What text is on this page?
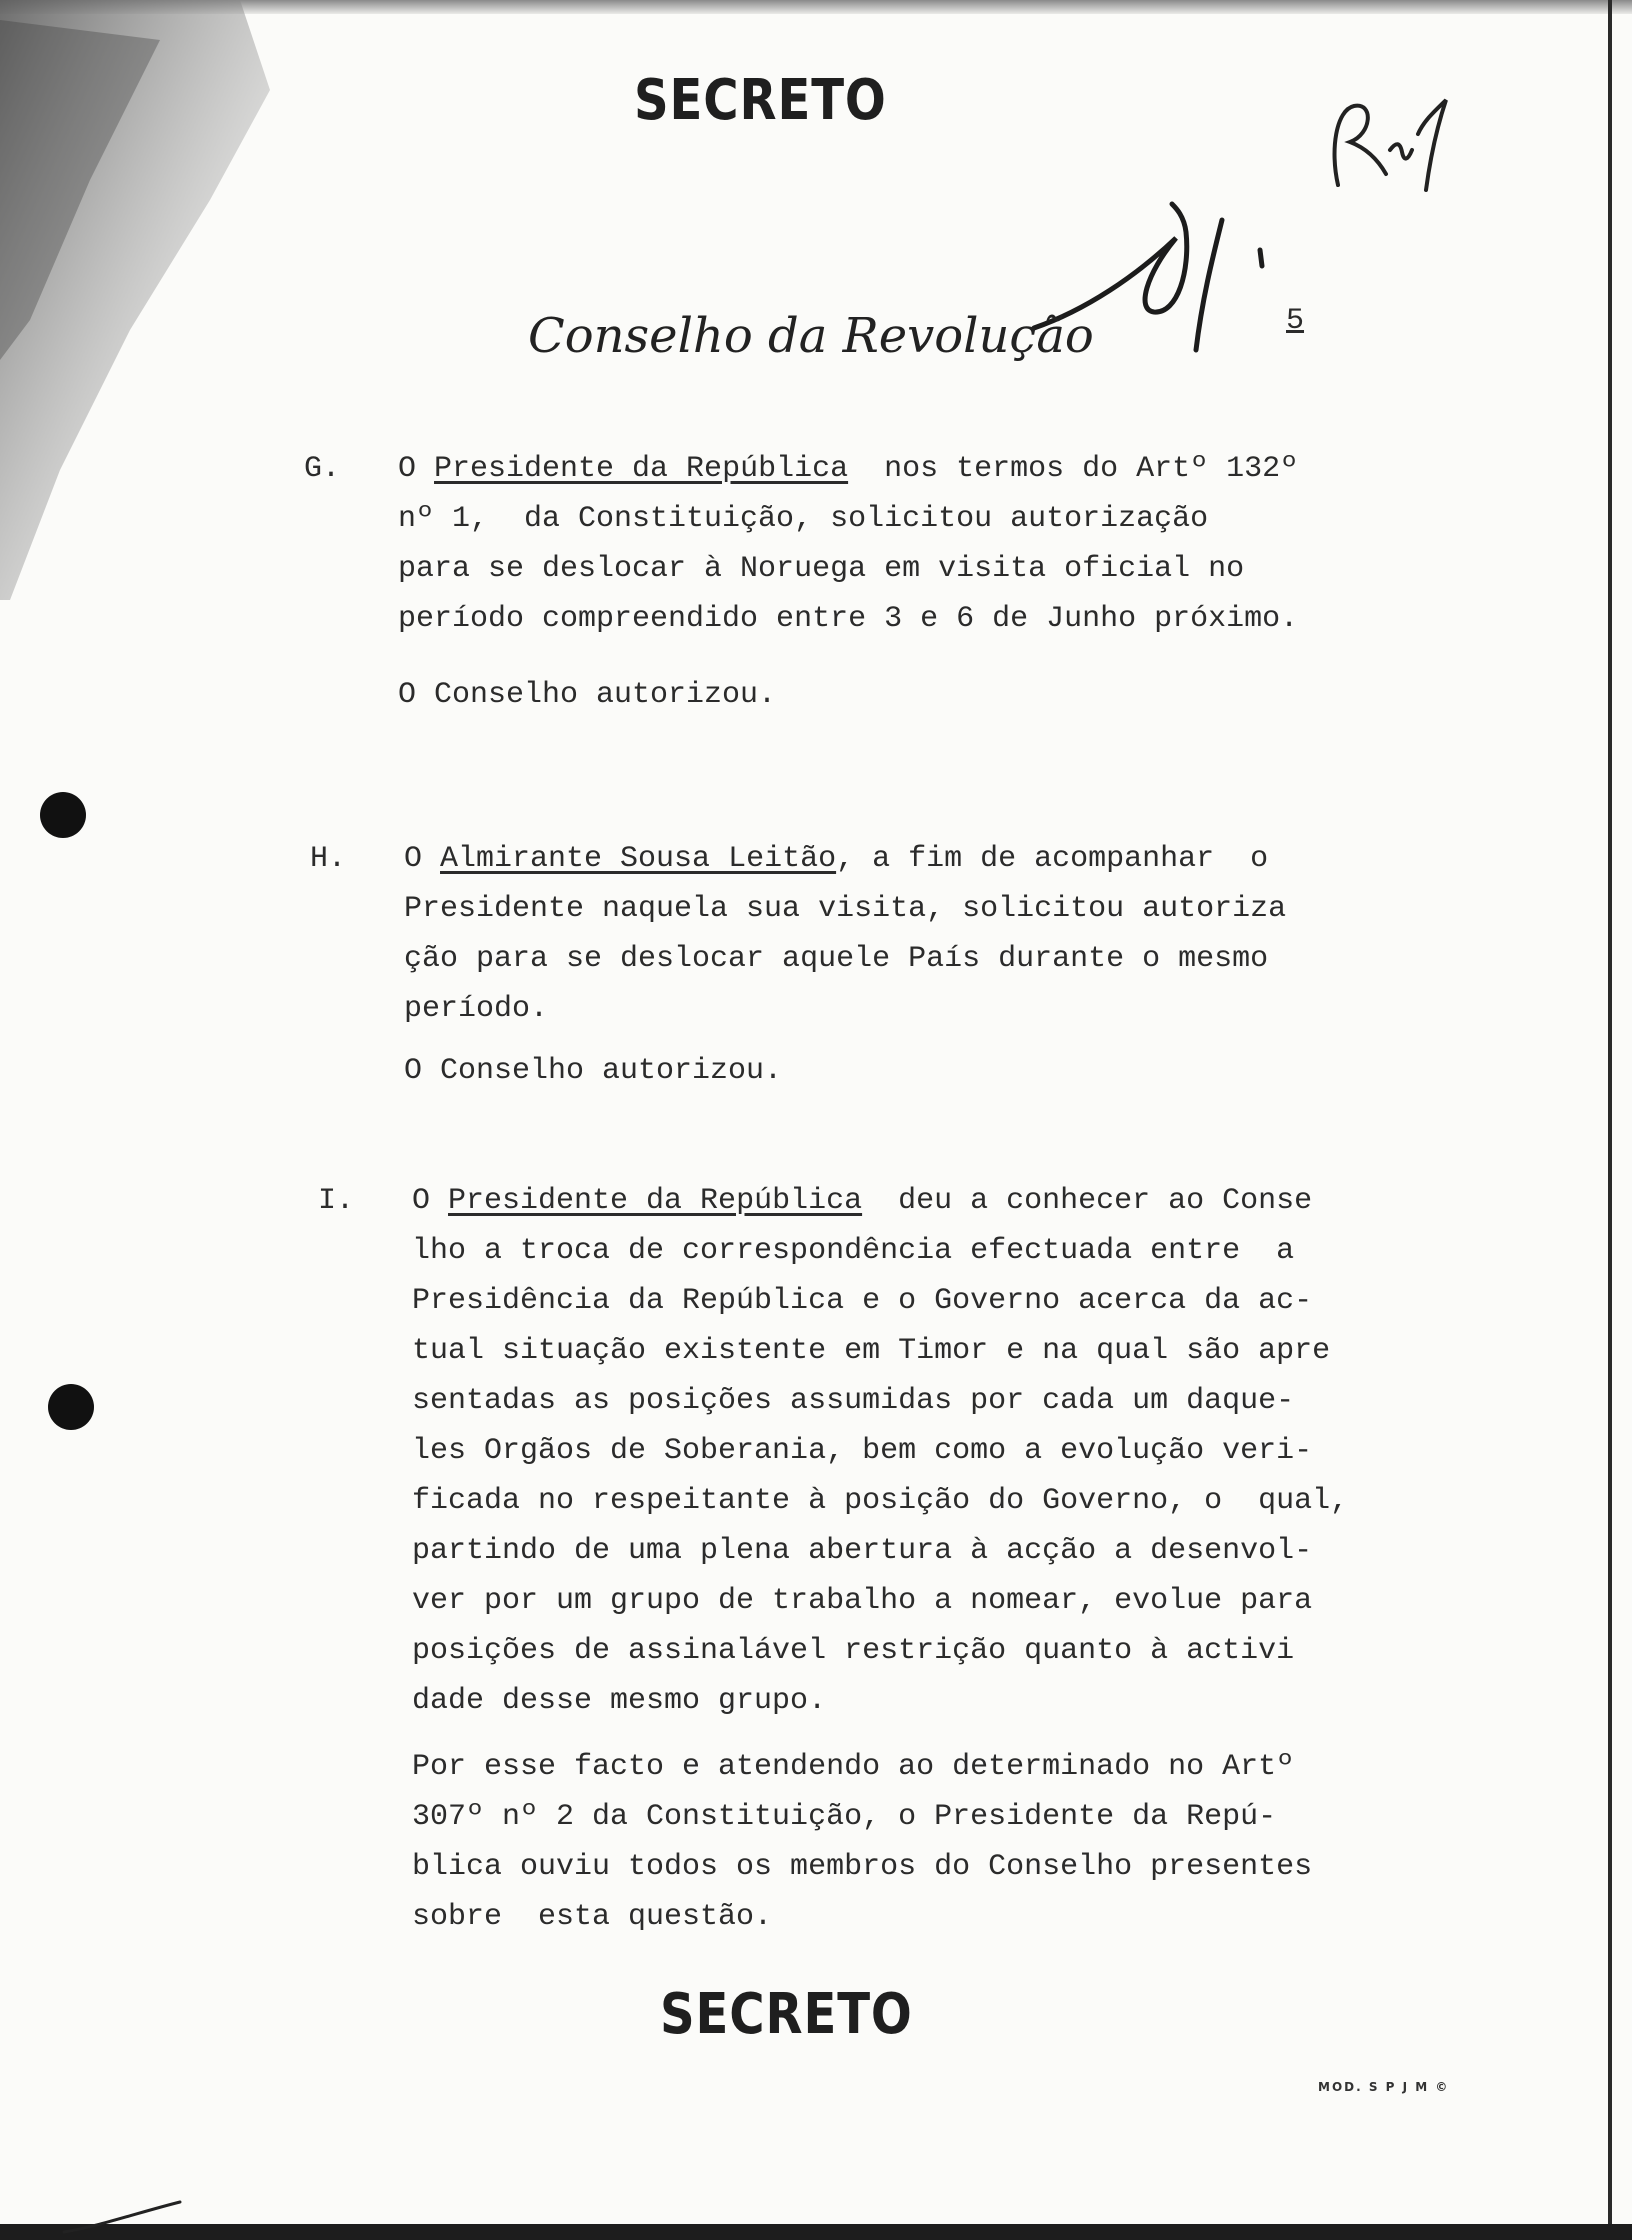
SECRETO
Conselho da Revolução	5
G. O Presidente da República  nos termos do Artº 132º
nº 1,  da Constituição, solicitou autorização
para se deslocar à Noruega em visita oficial no
período compreendido entre 3 e 6 de Junho próximo.
O Conselho autorizou.
H. O Almirante Sousa Leitão, a fim de acompanhar  o
Presidente naquela sua visita, solicitou autoriza
ção para se deslocar aquele País durante o mesmo
período.
O Conselho autorizou.
I. O Presidente da República  deu a conhecer ao Conse
lho a troca de correspondência efectuada entre  a
Presidência da República e o Governo acerca da ac-
tual situação existente em Timor e na qual são apre
sentadas as posições assumidas por cada um daque-
les Orgãos de Soberania, bem como a evolução veri-
ficada no respeitante à posição do Governo, o  qual,
partindo de uma plena abertura à acção a desenvol-
ver por um grupo de trabalho a nomear, evolue para
posições de assinalável restrição quanto à activi
dade desse mesmo grupo.
Por esse facto e atendendo ao determinado no Artº
307º nº 2 da Constituição, o Presidente da Repú-
blica ouviu todos os membros do Conselho presentes
sobre  esta questão.
SECRETO
MOD. S P J M ©
